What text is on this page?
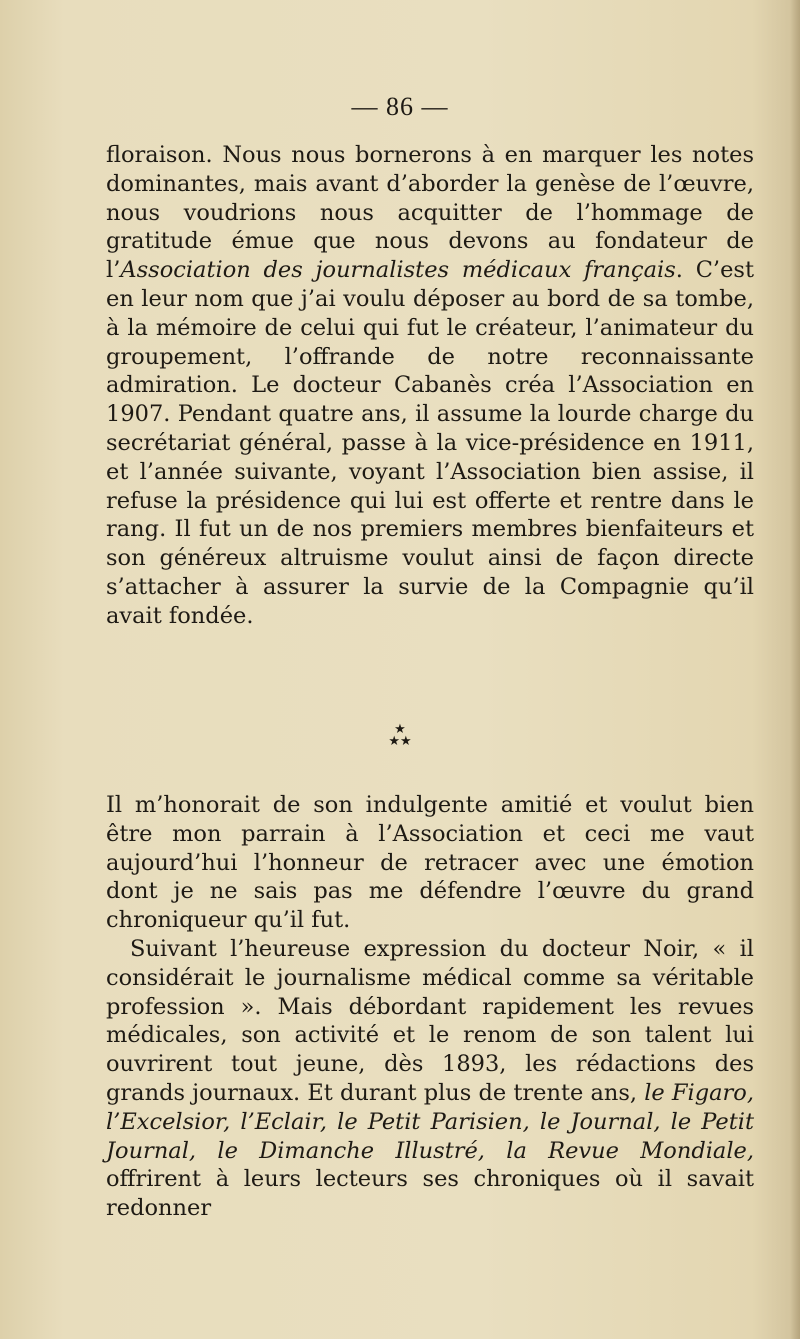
— 86 —

floraison. Nous nous bornerons à en marquer les notes dominantes, mais avant d’aborder la genèse de l’œuvre, nous voudrions nous acquitter de l’hommage de gratitude émue que nous devons au fondateur de l’Association des journalistes médicaux français. C’est en leur nom que j’ai voulu déposer au bord de sa tombe, à la mémoire de celui qui fut le créateur, l’animateur du groupement, l’offrande de notre reconnaissante admiration. Le docteur Cabanès créa l’Association en 1907. Pendant quatre ans, il assume la lourde charge du secrétariat général, passe à la vice-présidence en 1911, et l’année suivante, voyant l’Association bien assise, il refuse la présidence qui lui est offerte et rentre dans le rang. Il fut un de nos premiers membres bienfaiteurs et son généreux altruisme voulut ainsi de façon directe s’attacher à assurer la survie de la Compagnie qu’il avait fondée.

★
★★

Il m’honorait de son indulgente amitié et voulut bien être mon parrain à l’Association et ceci me vaut aujourd’hui l’honneur de retracer avec une émotion dont je ne sais pas me défendre l’œuvre du grand chroniqueur qu’il fut.

Suivant l’heureuse expression du docteur Noir, « il considérait le journalisme médical comme sa véritable profession ». Mais débordant rapidement les revues médicales, son activité et le renom de son talent lui ouvrirent tout jeune, dès 1893, les rédactions des grands journaux. Et durant plus de trente ans, le Figaro, l’Excelsior, l’Eclair, le Petit Parisien, le Journal, le Petit Journal, le Dimanche Illustré, la Revue Mondiale, offrirent à leurs lecteurs ses chroniques où il savait redonner
